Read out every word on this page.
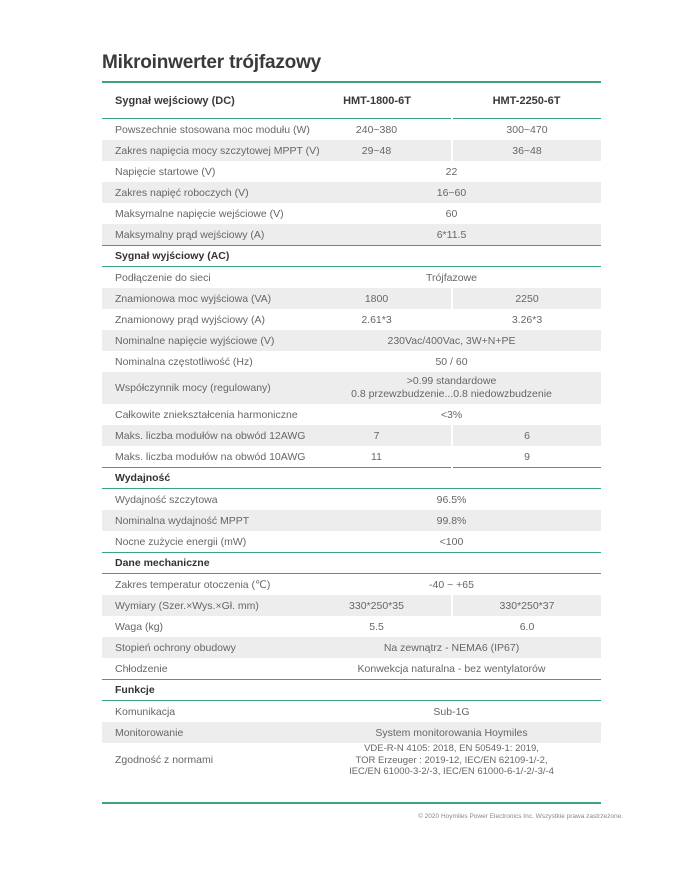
Mikroinwerter trójfazowy
Sygnał wejściowy (DC)	HMT-1800-6T	HMT-2250-6T
Powszechnie stosowana moc modułu (W)	240~380	300~470
Zakres napięcia mocy szczytowej MPPT (V)	29~48	36~48
Napięcie startowe (V)	22	
Zakres napięć roboczych (V)	16~60	
Maksymalne napięcie wejściowe (V)	60	
Maksymalny prąd wejściowy (A)	6*11.5	
Sygnał wyjściowy (AC)		
Podłączenie do sieci	Trójfazowe	
Znamionowa moc wyjściowa (VA)	1800	2250
Znamionowy prąd wyjściowy (A)	2.61*3	3.26*3
Nominalne napięcie wyjściowe (V)	230Vac/400Vac, 3W+N+PE	
Nominalna częstotliwość (Hz)	50 / 60	
Współczynnik mocy (regulowany)	>0.99 standardowe
0.8 przewzbudzenie...0.8 niedowzbudzenie	

Całkowite zniekształcenia harmoniczne	<3%	
Maks. liczba modułów na obwód 12AWG	7	6
Maks. liczba modułów na obwód 10AWG	11	9
Wydajność		
Wydajność szczytowa	96.5%	
Nominalna wydajność MPPT	99.8%	
Nocne zużycie energii (mW)	<100	
Dane mechaniczne		
Zakres temperatur otoczenia (℃)	-40 ~ +65	
Wymiary (Szer.×Wys.×Gł. mm)	330*250*35	330*250*37
Waga (kg)	5.5	6.0
Stopień ochrony obudowy	Na zewnątrz - NEMA6 (IP67)	
Chłodzenie	Konwekcja naturalna - bez wentylatorów	
Funkcje		
Komunikacja	Sub-1G	
Monitorowanie	System monitorowania Hoymiles	
Zgodność z normami	VDE-R-N 4105: 2018, EN 50549-1: 2019,
TOR Erzeuger : 2019-12, IEC/EN 62109-1/-2,
IEC/EN 61000-3-2/-3, IEC/EN 61000-6-1/-2/-3/-4	
© 2020 Hoymiles Power Electronics Inc. Wszystkie prawa zastrzeżone.
